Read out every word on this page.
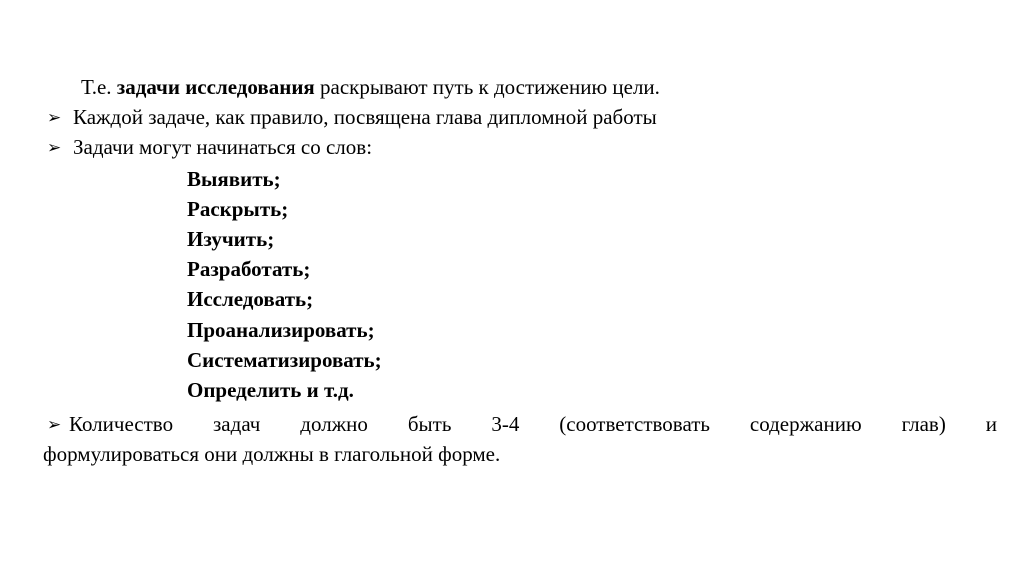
Т.е. задачи исследования раскрывают путь к достижению цели.
➢ Каждой задаче, как правило, посвящена глава дипломной работы
➢ Задачи могут начинаться со слов:
Выявить;
Раскрыть;
Изучить;
Разработать;
Исследовать;
Проанализировать;
Систематизировать;
Определить и т.д.
➢ Количество задач должно быть 3-4 (соответствовать содержанию глав) и
формулироваться они должны в глагольной форме.
